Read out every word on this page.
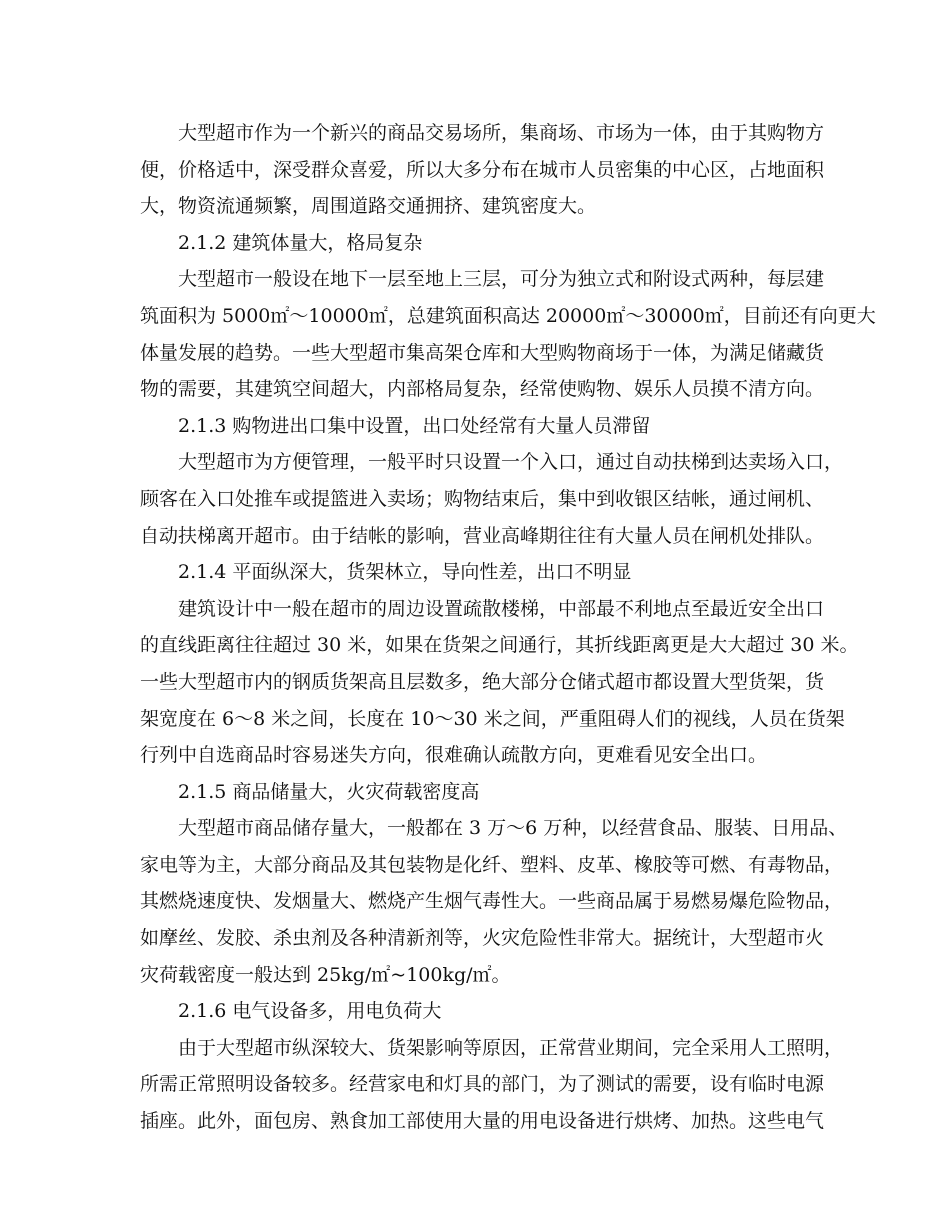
大型超市作为一个新兴的商品交易场所，集商场、市场为一体，由于其购物方
便，价格适中，深受群众喜爱，所以大多分布在城市人员密集的中心区，占地面积
大，物资流通频繁，周围道路交通拥挤、建筑密度大。
2.1.2 建筑体量大，格局复杂
大型超市一般设在地下一层至地上三层，可分为独立式和附设式两种，每层建
筑面积为 5000㎡～10000㎡，总建筑面积高达 20000㎡～30000㎡，目前还有向更大
体量发展的趋势。一些大型超市集高架仓库和大型购物商场于一体，为满足储藏货
物的需要，其建筑空间超大，内部格局复杂，经常使购物、娱乐人员摸不清方向。
2.1.3 购物进出口集中设置，出口处经常有大量人员滞留
大型超市为方便管理，一般平时只设置一个入口，通过自动扶梯到达卖场入口，
顾客在入口处推车或提篮进入卖场；购物结束后，集中到收银区结帐，通过闸机、
自动扶梯离开超市。由于结帐的影响，营业高峰期往往有大量人员在闸机处排队。
2.1.4 平面纵深大，货架林立，导向性差，出口不明显
建筑设计中一般在超市的周边设置疏散楼梯，中部最不利地点至最近安全出口
的直线距离往往超过 30 米，如果在货架之间通行，其折线距离更是大大超过 30 米。
一些大型超市内的钢质货架高且层数多，绝大部分仓储式超市都设置大型货架，货
架宽度在 6～8 米之间，长度在 10～30 米之间，严重阻碍人们的视线，人员在货架
行列中自选商品时容易迷失方向，很难确认疏散方向，更难看见安全出口。
2.1.5 商品储量大，火灾荷载密度高
大型超市商品储存量大，一般都在 3 万～6 万种，以经营食品、服装、日用品、
家电等为主，大部分商品及其包装物是化纤、塑料、皮革、橡胶等可燃、有毒物品，
其燃烧速度快、发烟量大、燃烧产生烟气毒性大。一些商品属于易燃易爆危险物品，
如摩丝、发胶、杀虫剂及各种清新剂等，火灾危险性非常大。据统计，大型超市火
灾荷载密度一般达到 25kg/㎡~100kg/㎡。
2.1.6 电气设备多，用电负荷大
由于大型超市纵深较大、货架影响等原因，正常营业期间，完全采用人工照明，
所需正常照明设备较多。经营家电和灯具的部门，为了测试的需要，设有临时电源
插座。此外，面包房、熟食加工部使用大量的用电设备进行烘烤、加热。这些电气
